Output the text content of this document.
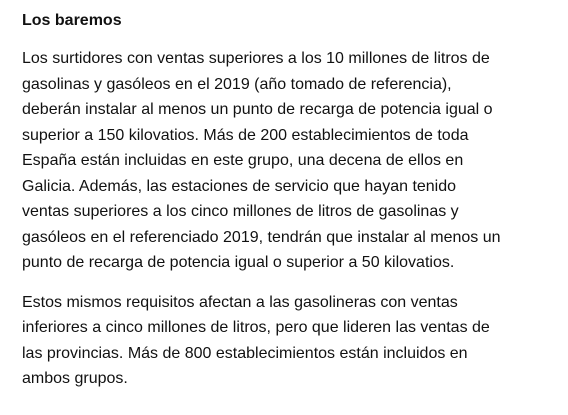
Los baremos

Los surtidores con ventas superiores a los 10 millones de litros de
gasolinas y gasóleos en el 2019 (año tomado de referencia),
deberán instalar al menos un punto de recarga de potencia igual o
superior a 150 kilovatios. Más de 200 establecimientos de toda
España están incluidas en este grupo, una decena de ellos en
Galicia. Además, las estaciones de servicio que hayan tenido
ventas superiores a los cinco millones de litros de gasolinas y
gasóleos en el referenciado 2019, tendrán que instalar al menos un
punto de recarga de potencia igual o superior a 50 kilovatios.

Estos mismos requisitos afectan a las gasolineras con ventas
inferiores a cinco millones de litros, pero que lideren las ventas de
las provincias. Más de 800 establecimientos están incluidos en
ambos grupos.
